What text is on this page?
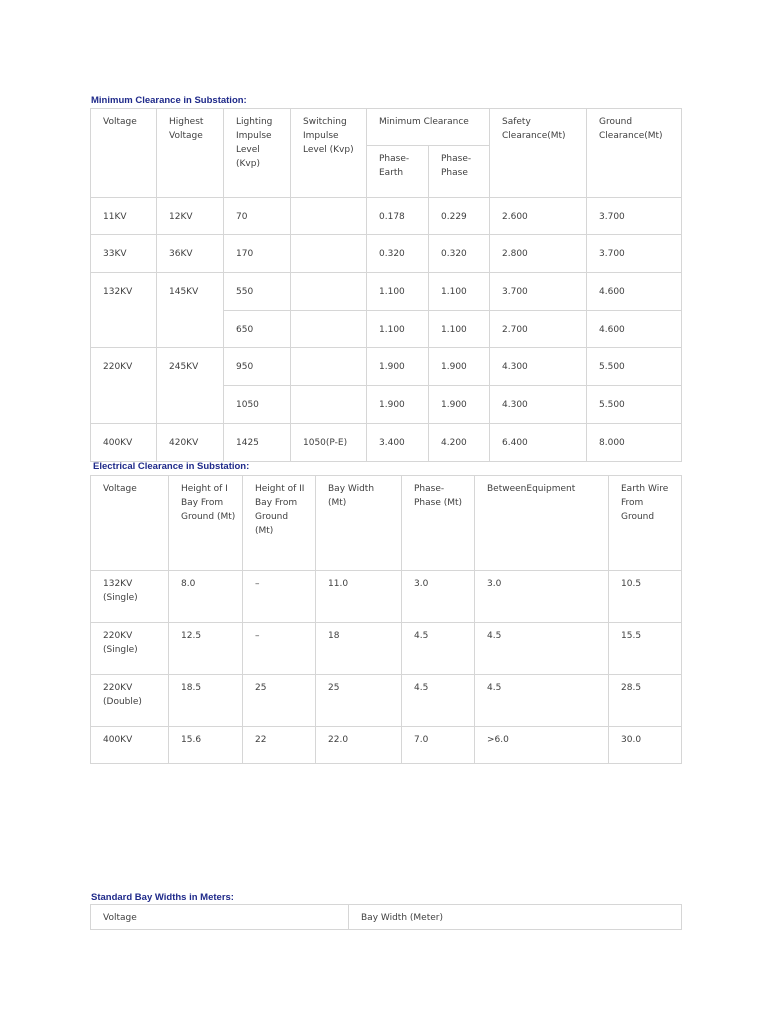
Minimum Clearance in Substation:
Voltage	Highest Voltage	Lighting Impulse Level (Kvp)	Switching Impulse Level (Kvp)	Minimum Clearance		Safety Clearance(Mt)	Ground Clearance(Mt)
				Phase-Earth	Phase-Phase		
11KV	12KV	70		0.178	0.229	2.600	3.700
33KV	36KV	170		0.320	0.320	2.800	3.700
132KV	145KV	550		1.100	1.100	3.700	4.600
		650		1.100	1.100	2.700	4.600
220KV	245KV	950		1.900	1.900	4.300	5.500
		1050		1.900	1.900	4.300	5.500
400KV	420KV	1425	1050(P-E)	3.400	4.200	6.400	8.000
Electrical Clearance in Substation:
Voltage	Height of I Bay From Ground (Mt)	Height of II Bay From Ground (Mt)	Bay Width (Mt)	Phase-Phase (Mt)	BetweenEquipment	Earth Wire From Ground
132KV (Single)	8.0	–	11.0	3.0	3.0	10.5
220KV (Single)	12.5	–	18	4.5	4.5	15.5
220KV (Double)	18.5	25	25	4.5	4.5	28.5
400KV	15.6	22	22.0	7.0	>6.0	30.0
Standard Bay Widths in Meters:
Voltage	Bay Width (Meter)
